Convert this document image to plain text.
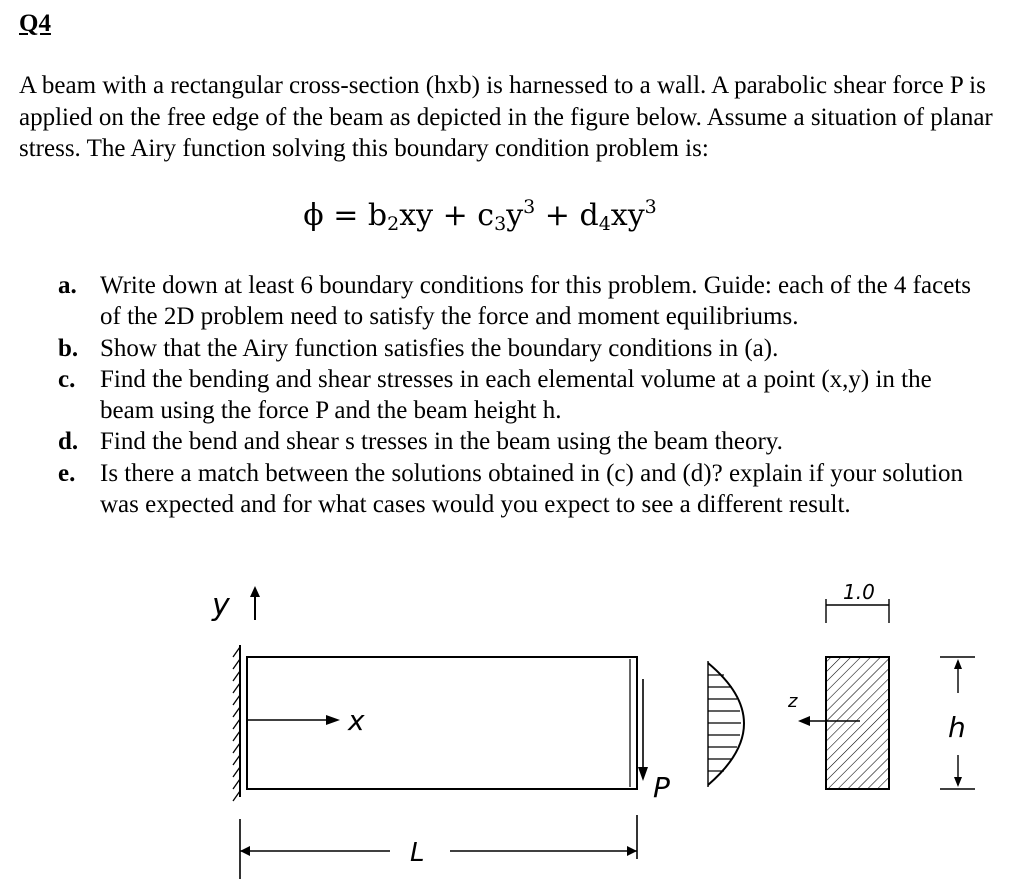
Q4

A beam with a rectangular cross-section (hxb) is harnessed to a wall. A parabolic shear force P is applied on the free edge of the beam as depicted in the figure below. Assume a situation of planar stress. The Airy function solving this boundary condition problem is:

$\phi = b_2xy + c_3y^3 + d_4xy^3$
a. Write down at least 6 boundary conditions for this problem. Guide: each of the 4 facets of the 2D problem need to satisfy the force and moment equilibriums.
b. Show that the Airy function satisfies the boundary conditions in (a).
c. Find the bending and shear stresses in each elemental volume at a point (x,y) in the beam using the force P and the beam height h.
d. Find the bend and shear s tresses in the beam using the beam theory.
e. Is there a match between the solutions obtained in (c) and (d)? explain if your solution was expected and for what cases would you expect to see a different result.
y
x
P
z
1.0
h
L
